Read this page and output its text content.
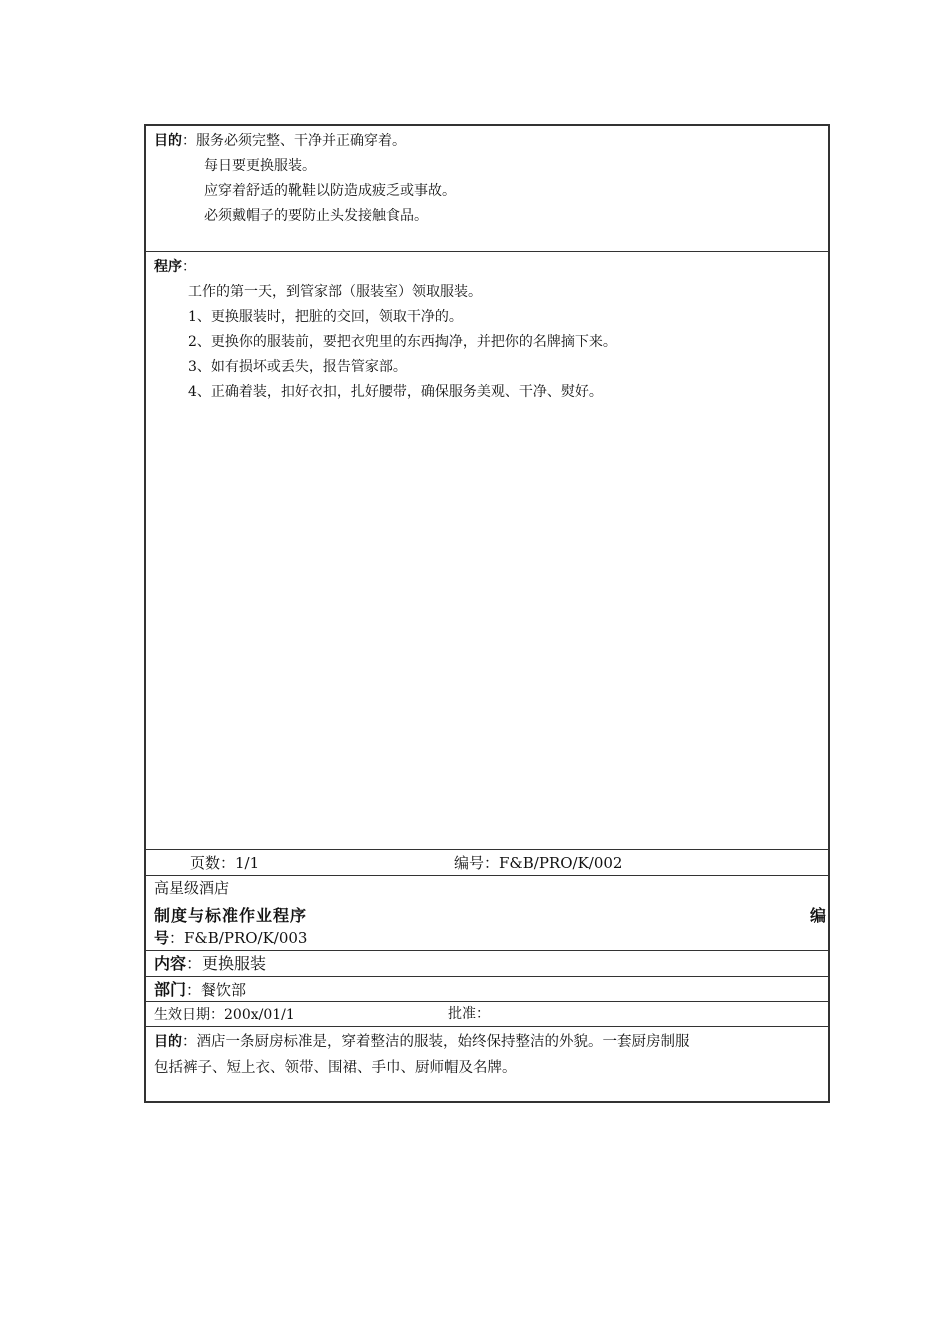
目的：服务必须完整、干净并正确穿着。
每日要更换服装。
应穿着舒适的靴鞋以防造成疲乏或事故。
必须戴帽子的要防止头发接触食品。
程序：
工作的第一天，到管家部（服装室）领取服装。
1、更换服装时，把脏的交回，领取干净的。
2、更换你的服装前，要把衣兜里的东西掏净，并把你的名牌摘下来。
3、如有损坏或丢失，报告管家部。
4、正确着装，扣好衣扣，扎好腰带，确保服务美观、干净、熨好。
页数：1/1	编号：F&B/PRO/K/002
高星级酒店
制度与标准作业程序	编
号：F&B/PRO/K/003
内容：更换服装
部门：餐饮部
生效日期：200x/01/1	批准：
目的：酒店一条厨房标准是，穿着整洁的服装，始终保持整洁的外貌。一套厨房制服
包括裤子、短上衣、领带、围裙、手巾、厨师帽及名牌。
